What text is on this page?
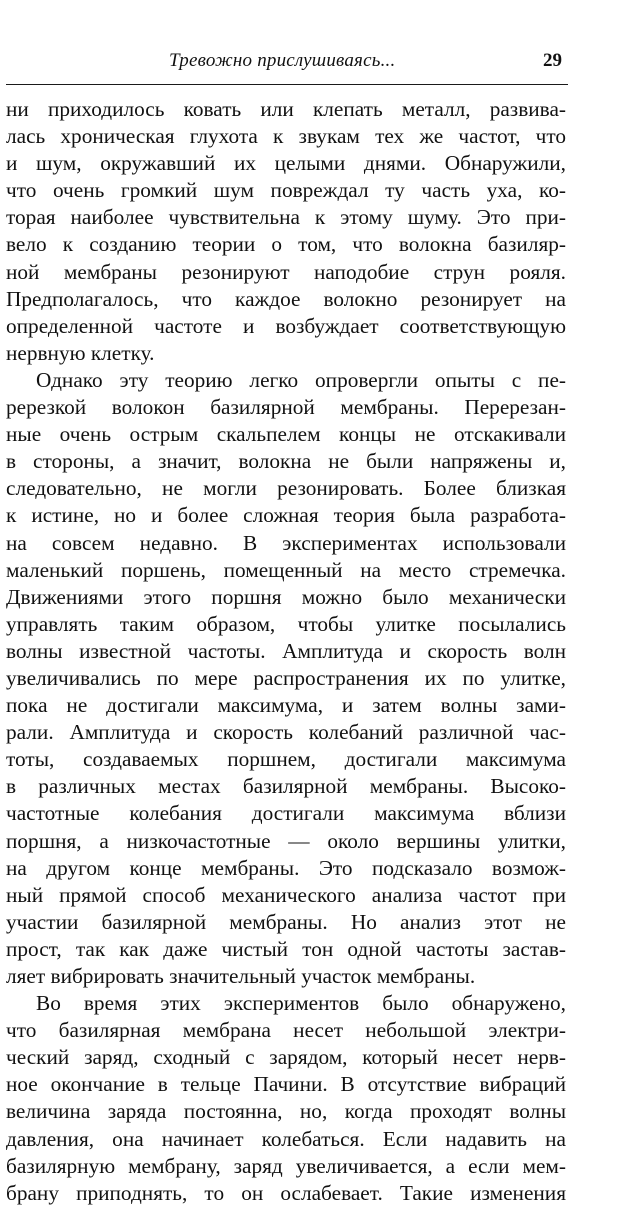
Тревожно прислушиваясь...	29
ни приходилось ковать или клепать металл, развива-
лась хроническая глухота к звукам тех же частот, что
и шум, окружавший их целыми днями. Обнаружили,
что очень громкий шум повреждал ту часть уха, ко-
торая наиболее чувствительна к этому шуму. Это при-
вело к созданию теории о том, что волокна базиляр-
ной мембраны резонируют наподобие струн рояля.
Предполагалось, что каждое волокно резонирует на
определенной частоте и возбуждает соответствующую
нервную клетку.
Однако эту теорию легко опровергли опыты с пе-
ререзкой волокон базилярной мембраны. Перерезан-
ные очень острым скальпелем концы не отскакивали
в стороны, а значит, волокна не были напряжены и,
следовательно, не могли резонировать. Более близкая
к истине, но и более сложная теория была разработа-
на совсем недавно. В экспериментах использовали
маленький поршень, помещенный на место стремечка.
Движениями этого поршня можно было механически
управлять таким образом, чтобы улитке посылались
волны известной частоты. Амплитуда и скорость волн
увеличивались по мере распространения их по улитке,
пока не достигали максимума, и затем волны зами-
рали. Амплитуда и скорость колебаний различной час-
тоты, создаваемых поршнем, достигали максимума
в различных местах базилярной мембраны. Высоко-
частотные колебания достигали максимума вблизи
поршня, а низкочастотные — около вершины улитки,
на другом конце мембраны. Это подсказало возмож-
ный прямой способ механического анализа частот при
участии базилярной мембраны. Но анализ этот не
прост, так как даже чистый тон одной частоты застав-
ляет вибрировать значительный участок мембраны.
Во время этих экспериментов было обнаружено,
что базилярная мембрана несет небольшой электри-
ческий заряд, сходный с зарядом, который несет нерв-
ное окончание в тельце Пачини. В отсутствие вибраций
величина заряда постоянна, но, когда проходят волны
давления, она начинает колебаться. Если надавить на
базилярную мембрану, заряд увеличивается, а если мем-
брану приподнять, то он ослабевает. Такие изменения
